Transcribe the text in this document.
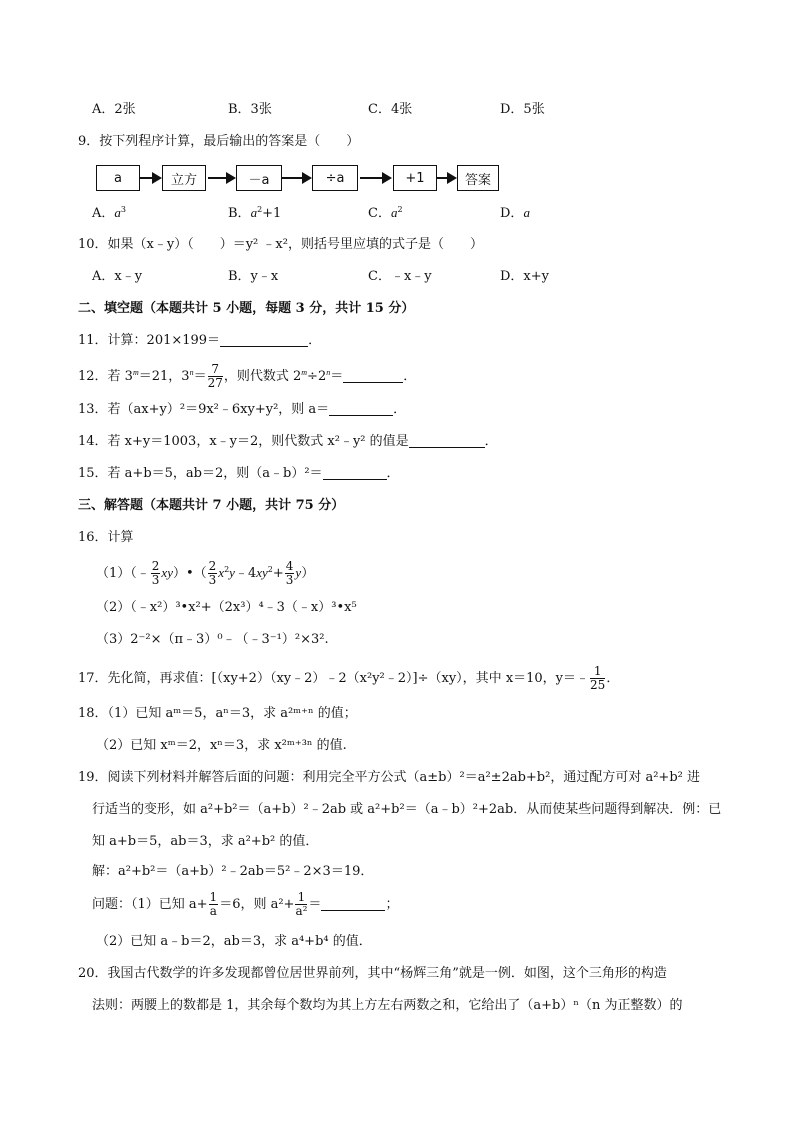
A．2张	B．3张	C．4张	D．5张
9．按下列程序计算，最后输出的答案是（　　）
a	立方	－a	÷a	+1	答案
A．$a^3$	B．$a^2+1$	C．$a^2$	D．a
10．如果（x﹣y）（　　）＝y² ﹣x²，则括号里应填的式子是（　　）
A．x﹣y	B．y﹣x	C．﹣x﹣y	D．x+y
二、填空题（本题共计 5 小题，每题 3 分，共计 15 分）
11．计算：201×199＝	．
12．若 $3^m=21$，$3^n= \frac{7}{27}$ ，则代数式 $2^m\div 2^n=$	．
13．若（ax+y）²＝9x²﹣6xy+y²，则 a＝	．
14．若 x+y＝1003，x﹣y＝2，则代数式 x²﹣y² 的值是	．
15．若 a+b＝5，ab＝2，则（a﹣b）²＝	．
三、解答题（本题共计 7 小题，共计 75 分）
16．计算
（1）（﹣ $\frac{2}{3}$ xy）•（ $\frac{2}{3}$ $x^2y﹣4xy^2+ \frac{4}{3} y$）
（2）（﹣x²）³•x²+（2x³）⁴﹣3（﹣x）³•x⁵
（3）2⁻²×（π﹣3）⁰﹣（﹣3⁻¹）²×3².
17．先化简，再求值：[（xy+2）（xy﹣2）﹣2（x²y²﹣2）]÷（xy），其中 x＝10，y＝﹣ $\frac{1}{25}$ ．
18．（1）已知 aᵐ＝5，aⁿ＝3，求 a²ᵐ⁺ⁿ 的值；
（2）已知 xᵐ＝2，xⁿ＝3，求 x²ᵐ⁺³ⁿ 的值.
19．阅读下列材料并解答后面的问题：利用完全平方公式（a±b）²＝a²±2ab+b²，通过配方可对 a²+b² 进
行适当的变形，如 a²+b²＝（a+b）²﹣2ab 或 a²+b²＝（a﹣b）²+2ab．从而使某些问题得到解决．例：已
知 a+b＝5，ab＝3，求 a²+b² 的值．
解：a²+b²＝（a+b）²﹣2ab＝5²﹣2×3＝19．
问题：（1）已知 $a+ \frac{1}{a} =6$，则 $a^2+ \frac{1}{\text{a²}}$ ＝	；
（2）已知 a﹣b＝2，ab＝3，求 a⁴+b⁴ 的值．
20．我国古代数学的许多发现都曾位居世界前列，其中“杨辉三角”就是一例．如图，这个三角形的构造
法则：两腰上的数都是 1，其余每个数均为其上方左右两数之和，它给出了（a+b）ⁿ（n 为正整数）的
